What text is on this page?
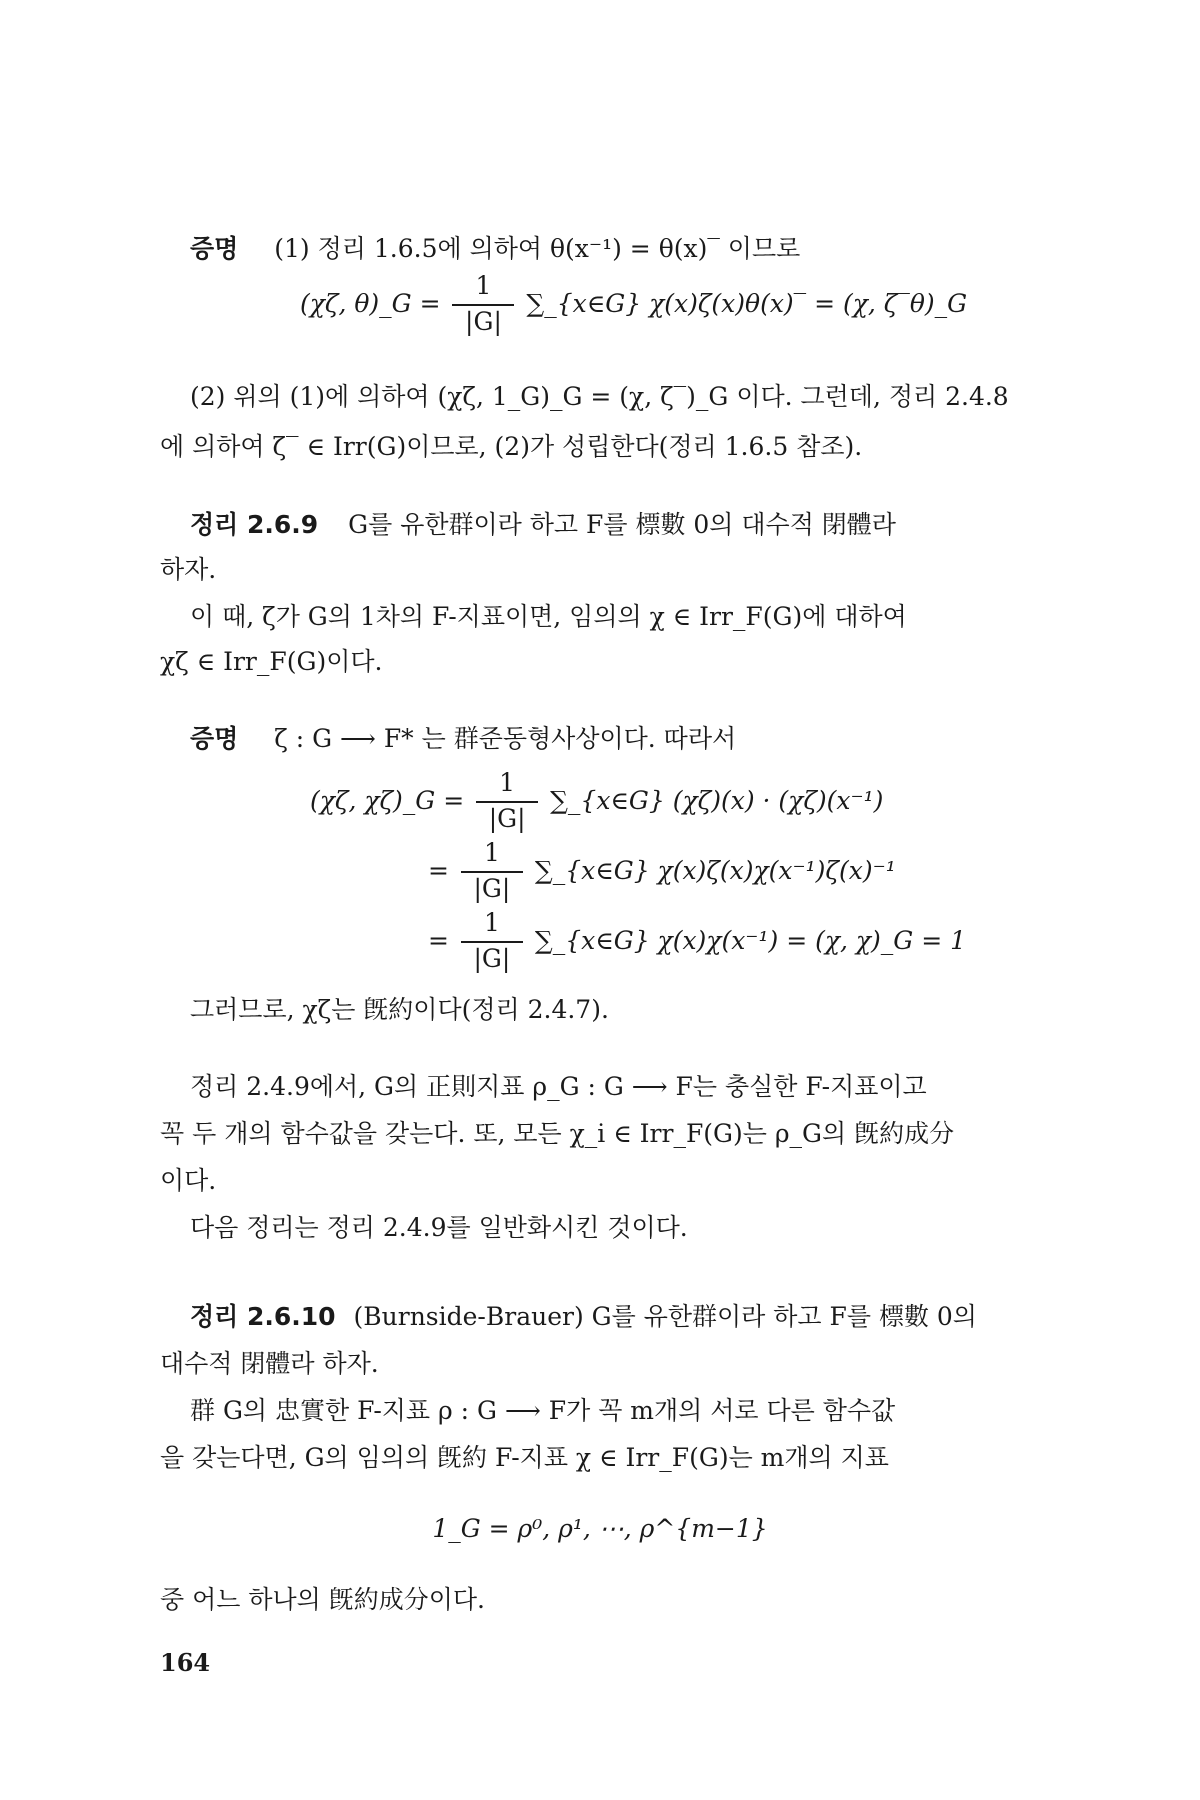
증명 (1) 정리 1.6.5에 의하여 θ(x⁻¹) = θ(x)‾ 이므로
(χζ, θ)_G = $\frac{1}{|G|}$ ∑_{x∈G} χ(x)ζ(x)θ(x)‾ = (χ, ζ‾θ)_G
(2) 위의 (1)에 의하여 (χζ, 1_G)_G = (χ, ζ‾)_G 이다. 그런데, 정리 2.4.8
에 의하여 ζ‾ ∈ Irr(G)이므로, (2)가 성립한다(정리 1.6.5 참조).
정리 2.6.9 G를 유한群이라 하고 F를 標數 0의 대수적 閉體라
하자.
이 때, ζ가 G의 1차의 F-지표이면, 임의의 χ ∈ Irr_F(G)에 대하여
χζ ∈ Irr_F(G)이다.
증명 ζ : G ⟶ F* 는 群준동형사상이다. 따라서
(χζ, χζ)_G = $\frac{1}{|G|}$ ∑_{x∈G} (χζ)(x) · (χζ)(x⁻¹)
= $\frac{1}{|G|}$ ∑_{x∈G} χ(x)ζ(x)χ(x⁻¹)ζ(x)⁻¹
= $\frac{1}{|G|}$ ∑_{x∈G} χ(x)χ(x⁻¹) = (χ, χ)_G = 1
그러므로, χζ는 旣約이다(정리 2.4.7).
정리 2.4.9에서, G의 正則지표 ρ_G : G ⟶ F는 충실한 F-지표이고
꼭 두 개의 함수값을 갖는다. 또, 모든 χ_i ∈ Irr_F(G)는 ρ_G의 旣約成分
이다.
다음 정리는 정리 2.4.9를 일반화시킨 것이다.
정리 2.6.10 (Burnside-Brauer) G를 유한群이라 하고 F를 標數 0의
대수적 閉體라 하자.
群 G의 忠實한 F-지표 ρ : G ⟶ F가 꼭 m개의 서로 다른 함수값
을 갖는다면, G의 임의의 旣約 F-지표 χ ∈ Irr_F(G)는 m개의 지표
1_G = ρ⁰, ρ¹, ⋯, ρ^{m−1}
중 어느 하나의 旣約成分이다.
164
